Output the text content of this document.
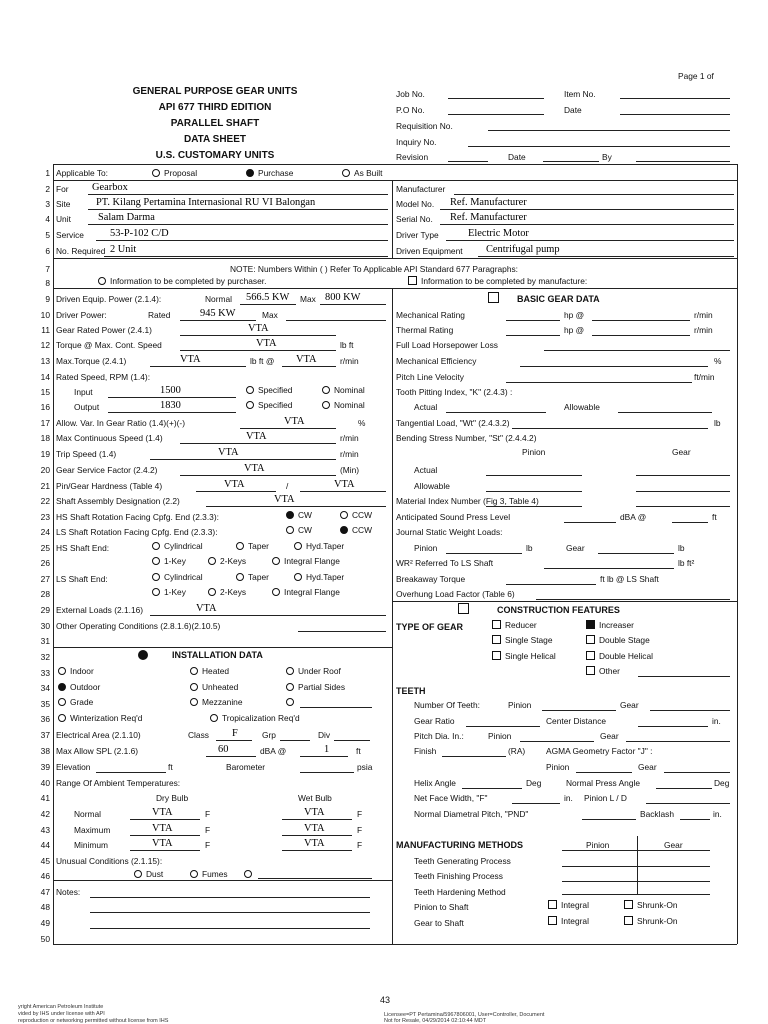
Page 1 of
GENERAL PURPOSE GEAR UNITS
API 677 THIRD EDITION
PARALLEL SHAFT
DATA SHEET
U.S. CUSTOMARY UNITS
Job No.	Item No.
P.O No.	Date
Requisition No.
Inquiry No.
Revision	Date	By
1
2
3
4
5
6
7
8
9
10
11
12
13
14
15
16
17
18
19
20
21
22
23
24
25
26
27
28
29
30
31
32
33
34
35
36
37
38
39
40
41
42
43
44
45
46
47
48
49
50
Applicable To:	Proposal	Purchase	As Built
For Gearbox
Site PT. Kilang Pertamina Internasional RU VI Balongan
Unit	Salam Darma
Service	53-P-102 C/D
No. Required 2 Unit
Manufacturer
Model No. Ref. Manufacturer
Serial No. Ref. Manufacturer
Driver Type	Electric Motor
Driven Equipment Centrifugal pump
NOTE: Numbers Within ( ) Refer To Applicable API Standard 677 Paragraphs:
Information to be completed by purchaser.	Information to be completed by manufacture:
Driven Equip. Power (2.1.4):	Normal 566.5 KW Max 800 KW
Driver Power:	Rated	945 KW	Max
Gear Rated Power (2.4.1)	VTA
Torque @ Max. Cont. Speed	VTA	lb ft
Max.Torque (2.4.1)	VTA	lb ft @ VTA	r/min
Rated Speed, RPM (1.4):
Input	1500	Specified	Nominal
Output	1830	Specified	Nominal
Allow. Var. In Gear Ratio (1.4)(+)(-)	VTA	%
Max Continuous Speed (1.4)	VTA	r/min
Trip Speed (1.4)	VTA	r/min
Gear Service Factor (2.4.2)	VTA	(Min)
Pin/Gear Hardness (Table 4)	VTA	/	VTA
Shaft Assembly Designation (2.2)	VTA
HS Shaft Rotation Facing Cpfg. End (2.3.3):	CW	CCW
LS Shaft Rotation Facing Cpfg. End (2.3.3):	CW	CCW
HS Shaft End:	Cylindrical	Taper	Hyd.Taper
1-Key	2-Keys	Integral Flange
LS Shaft End:	Cylindrical	Taper	Hyd.Taper
1-Key	2-Keys	Integral Flange
External Loads (2.1.16)	VTA
Other Operating Conditions (2.8.1.6)(2.10.5)
INSTALLATION DATA
Indoor	Heated	Under Roof
Outdoor	Unheated	Partial Sides
Grade	Mezzanine
Winterization Req'd	Tropicalization Req'd
Electrical Area (2.1.10)	Class F	Grp	Div
Max Allow SPL (2.1.6)	60	dBA @	1	ft
Elevation	ft	Barometer	psia
Range Of Ambient Temperatures:
Dry Bulb	Wet Bulb
Normal	VTA	F	VTA	F
Maximum	VTA	F	VTA	F
Minimum	VTA	F	VTA	F
Unusual Conditions (2.1.15):
Dust	Fumes
Notes:
BASIC GEAR DATA
Mechanical Rating	hp @	r/min
Thermal Rating	hp @	r/min
Full Load Horsepower Loss
Mechanical Efficiency	%
Pitch Line Velocity	ft/min
Tooth Pitting Index, "K" (2.4.3) :
Actual	Allowable
Tangential Load, "Wt" (2.4.3.2)	lb
Bending Stress Number, "St" (2.4.4.2)
Pinion	Gear
Actual
Allowable
Material Index Number (Fig 3, Table 4)
Anticipated Sound Press Level	dBA @	ft
Journal Static Weight Loads:
Pinion	lb	Gear	lb
WR² Referred To LS Shaft	lb ft²
Breakaway Torque	ft lb @ LS Shaft
Overhung Load Factor (Table 6)
CONSTRUCTION FEATURES
TYPE OF GEAR	Reducer	Increaser
Single Stage	Double Stage
Single Helical	Double Helical
Other
TEETH
Number Of Teeth:	Pinion	Gear
Gear Ratio	Center Distance	in.
Pitch Dia. In.:	Pinion	Gear
Finish	(RA) AGMA Geometry Factor "J" :
Pinion	Gear
Helix Angle	Deg	Normal Press Angle	Deg
Net Face Width, "F"	in. Pinion L / D
Normal Diametral Pitch, "PND"	Backlash	in.
MANUFACTURING METHODS	Pinion	Gear
Teeth Generating Process
Teeth Finishing Process
Teeth Hardening Method
Pinion to Shaft	Integral	Shrunk-On
Gear to Shaft	Integral	Shrunk-On
43
yright American Petroleum Institute
vided by IHS under license with API
reproduction or networking permitted without license from IHS
Licensee=PT Pertamina/5967806001, User=Controller, Document
Not for Resale, 04/29/2014 02:10:44 MDT
